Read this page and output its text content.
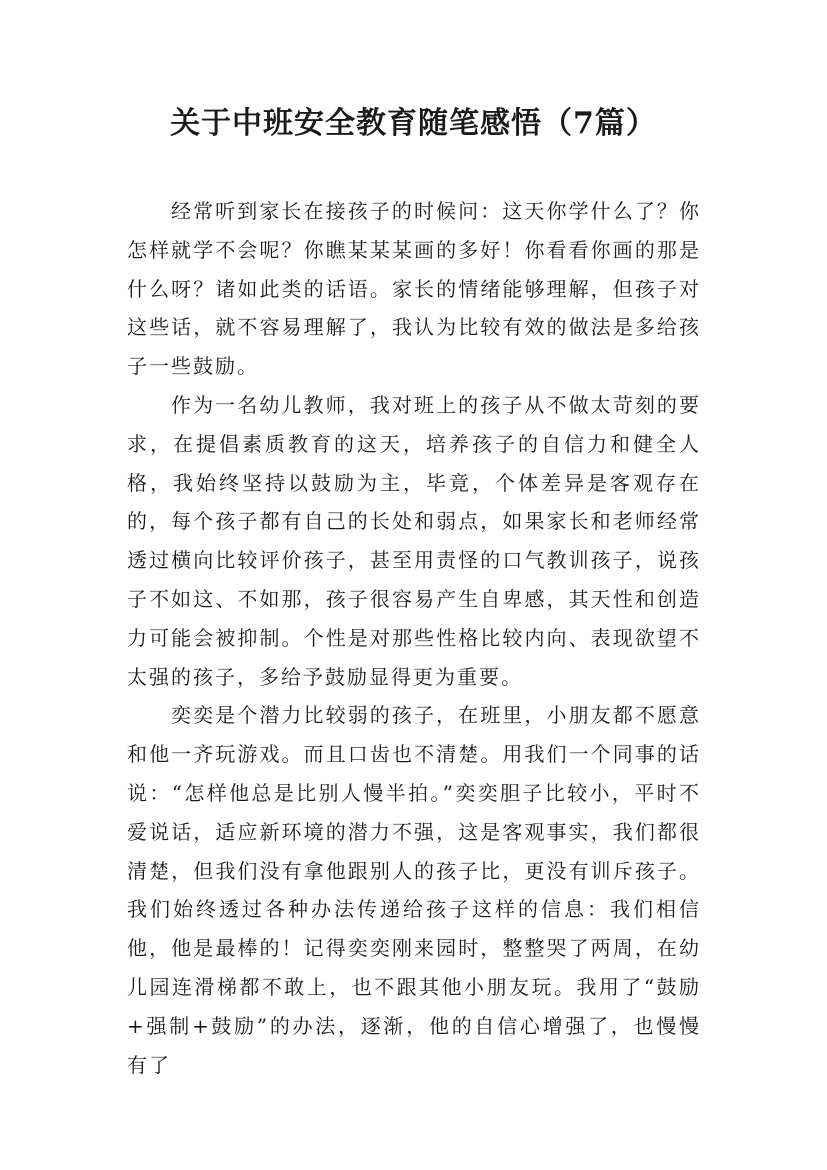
关于中班安全教育随笔感悟（7篇）

经常听到家长在接孩子的时候问：这天你学什么了？你怎样就学不会呢？你瞧某某某画的多好！你看看你画的那是什么呀？诸如此类的话语。家长的情绪能够理解，但孩子对这些话，就不容易理解了，我认为比较有效的做法是多给孩子一些鼓励。

作为一名幼儿教师，我对班上的孩子从不做太苛刻的要求，在提倡素质教育的这天，培养孩子的自信力和健全人格，我始终坚持以鼓励为主，毕竟，个体差异是客观存在的，每个孩子都有自己的长处和弱点，如果家长和老师经常透过横向比较评价孩子，甚至用责怪的口气教训孩子，说孩子不如这、不如那，孩子很容易产生自卑感，其天性和创造力可能会被抑制。个性是对那些性格比较内向、表现欲望不太强的孩子，多给予鼓励显得更为重要。

奕奕是个潜力比较弱的孩子，在班里，小朋友都不愿意和他一齐玩游戏。而且口齿也不清楚。用我们一个同事的话说：“怎样他总是比别人慢半拍。”奕奕胆子比较小，平时不爱说话，适应新环境的潜力不强，这是客观事实，我们都很清楚，但我们没有拿他跟别人的孩子比，更没有训斥孩子。我们始终透过各种办法传递给孩子这样的信息：我们相信他，他是最棒的！记得奕奕刚来园时，整整哭了两周，在幼儿园连滑梯都不敢上，也不跟其他小朋友玩。我用了“鼓励+强制+鼓励”的办法，逐渐，他的自信心增强了，也慢慢有了
